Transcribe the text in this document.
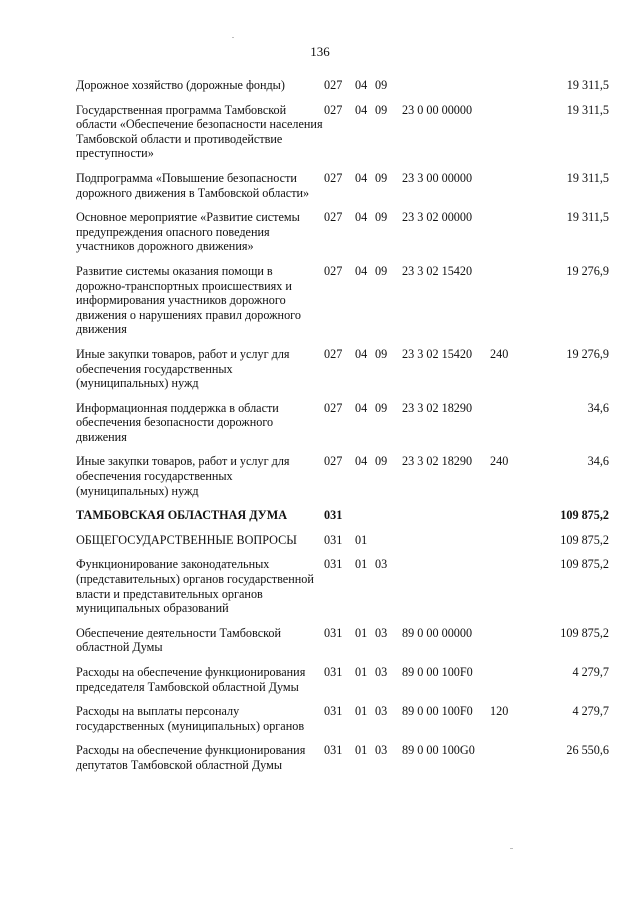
136
Дорожное хозяйство (дорожные фонды)	027	04	09			19 311,5
Государственная программа Тамбовской области «Обеспечение безопасности населения Тамбовской области и противодействие преступности»	027	04	09	23 0 00 00000		19 311,5
Подпрограмма «Повышение безопасности дорожного движения в Тамбовской области»	027	04	09	23 3 00 00000		19 311,5
Основное мероприятие «Развитие системы предупреждения опасного поведения участников дорожного движения»	027	04	09	23 3 02 00000		19 311,5
Развитие системы оказания помощи в дорожно-транспортных происшествиях и информирования участников дорожного движения о нарушениях правил дорожного движения	027	04	09	23 3 02 15420		19 276,9
Иные закупки товаров, работ и услуг для обеспечения государственных (муниципальных) нужд	027	04	09	23 3 02 15420	240	19 276,9
Информационная поддержка в области обеспечения безопасности дорожного движения	027	04	09	23 3 02 18290		34,6
Иные закупки товаров, работ и услуг для обеспечения государственных (муниципальных) нужд	027	04	09	23 3 02 18290	240	34,6
ТАМБОВСКАЯ ОБЛАСТНАЯ ДУМА	031					109 875,2
ОБЩЕГОСУДАРСТВЕННЫЕ ВОПРОСЫ	031	01				109 875,2
Функционирование законодательных (представительных) органов государственной власти и представительных органов муниципальных образований	031	01	03			109 875,2
Обеспечение деятельности Тамбовской областной Думы	031	01	03	89 0 00 00000		109 875,2
Расходы на обеспечение функционирования председателя Тамбовской областной Думы	031	01	03	89 0 00 100F0		4 279,7
Расходы на выплаты персоналу государственных (муниципальных) органов	031	01	03	89 0 00 100F0	120	4 279,7
Расходы на обеспечение функционирования депутатов Тамбовской областной Думы	031	01	03	89 0 00 100G0		26 550,6
